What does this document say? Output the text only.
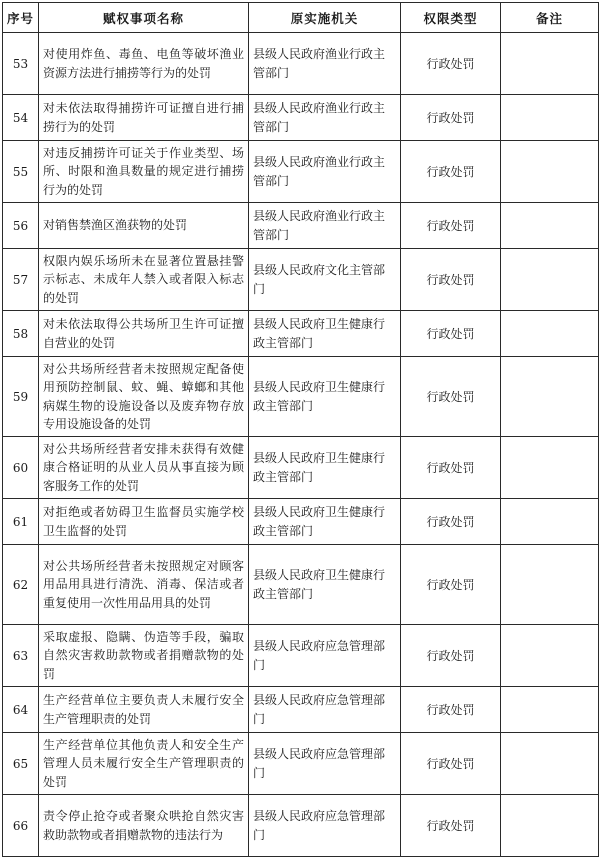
序号	赋权事项名称	原实施机关	权限类型	备注
53	对使用炸鱼、毒鱼、电鱼等破坏渔业资源方法进行捕捞等行为的处罚	县级人民政府渔业行政主管部门	行政处罚	
54	对未依法取得捕捞许可证擅自进行捕捞行为的处罚	县级人民政府渔业行政主管部门	行政处罚	
55	对违反捕捞许可证关于作业类型、场所、时限和渔具数量的规定进行捕捞行为的处罚	县级人民政府渔业行政主管部门	行政处罚	
56	对销售禁渔区渔获物的处罚	县级人民政府渔业行政主管部门	行政处罚	
57	权限内娱乐场所未在显著位置悬挂警示标志、未成年人禁入或者限入标志的处罚	县级人民政府文化主管部门	行政处罚	
58	对未依法取得公共场所卫生许可证擅自营业的处罚	县级人民政府卫生健康行政主管部门	行政处罚	
59	对公共场所经营者未按照规定配备使用预防控制鼠、蚊、蝇、蟑螂和其他病媒生物的设施设备以及废弃物存放专用设施设备的处罚	县级人民政府卫生健康行政主管部门	行政处罚	
60	对公共场所经营者安排未获得有效健康合格证明的从业人员从事直接为顾客服务工作的处罚	县级人民政府卫生健康行政主管部门	行政处罚	
61	对拒绝或者妨碍卫生监督员实施学校卫生监督的处罚	县级人民政府卫生健康行政主管部门	行政处罚	
62	对公共场所经营者未按照规定对顾客用品用具进行清洗、消毒、保洁或者重复使用一次性用品用具的处罚	县级人民政府卫生健康行政主管部门	行政处罚	
63	采取虚报、隐瞒、伪造等手段，骗取自然灾害救助款物或者捐赠款物的处罚	县级人民政府应急管理部门	行政处罚	
64	生产经营单位主要负责人未履行安全生产管理职责的处罚	县级人民政府应急管理部门	行政处罚	
65	生产经营单位其他负责人和安全生产管理人员未履行安全生产管理职责的处罚	县级人民政府应急管理部门	行政处罚	
66	责令停止抢夺或者聚众哄抢自然灾害救助款物或者捐赠款物的违法行为	县级人民政府应急管理部门	行政处罚	
